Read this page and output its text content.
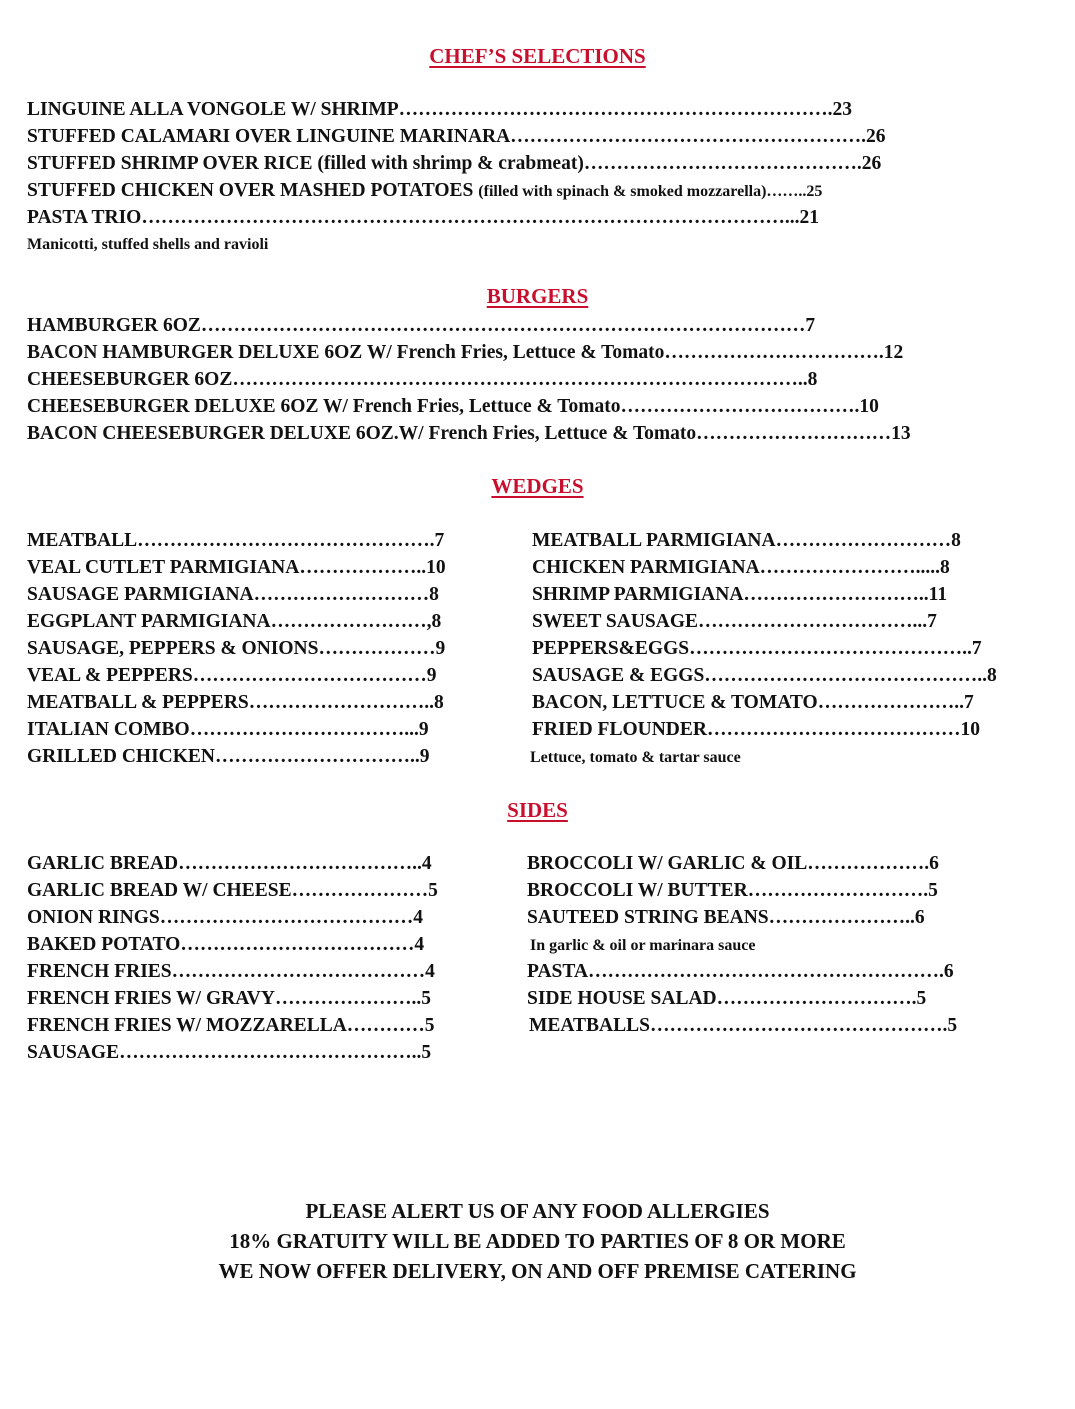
CHEF’S SELECTIONS

LINGUINE ALLA VONGOLE W/ SHRIMP………………………………………………………….23

STUFFED CALAMARI OVER LINGUINE MARINARA……………………………………………….26

STUFFED SHRIMP OVER RICE (filled with shrimp & crabmeat)…………………………………….26

STUFFED CHICKEN OVER MASHED POTATOES (filled with spinach & smoked mozzarella)……..25

PASTA TRIO………………………………………………………………………………………...21

Manicotti, stuffed shells and ravioli

BURGERS

HAMBURGER 6OZ…………………………………………………………………………………7

BACON HAMBURGER DELUXE 6OZ W/ French Fries, Lettuce & Tomato…………………………….12

CHEESEBURGER 6OZ……………………………………………………………………………..8

CHEESEBURGER DELUXE 6OZ W/ French Fries, Lettuce & Tomato……………………………….10

BACON CHEESEBURGER DELUXE 6OZ.W/ French Fries, Lettuce & Tomato…………………………13

WEDGES

MEATBALL……………………………………….7

VEAL CUTLET PARMIGIANA………………..10

SAUSAGE PARMIGIANA………………………8

EGGPLANT PARMIGIANA……………………,8

SAUSAGE, PEPPERS & ONIONS………………9

VEAL & PEPPERS………………………………9

MEATBALL & PEPPERS………………………..8

ITALIAN COMBO……………………………...9

GRILLED CHICKEN…………………………..9

MEATBALL PARMIGIANA………………………8

CHICKEN PARMIGIANA…………………….....8

SHRIMP PARMIGIANA………………………..11

SWEET SAUSAGE……………………………...7

PEPPERS&EGGS……………………………………..7

SAUSAGE & EGGS……………………………………..8

BACON, LETTUCE & TOMATO…………………..7

FRIED FLOUNDER…………………………………10

Lettuce, tomato & tartar sauce

SIDES

GARLIC BREAD………………………………..4

GARLIC BREAD W/ CHEESE…………………5

ONION RINGS…………………………………4

BAKED POTATO………………………………4

FRENCH FRIES…………………………………4

FRENCH FRIES W/ GRAVY…………………..5

FRENCH FRIES W/ MOZZARELLA…………5

SAUSAGE………………………………………..5

BROCCOLI W/ GARLIC & OIL……………….6

BROCCOLI W/ BUTTER……………………….5

SAUTEED STRING BEANS…………………..6

In garlic & oil or marinara sauce

PASTA……………………………………………….6

SIDE HOUSE SALAD………………………….5

MEATBALLS……………………………………….5

PLEASE ALERT US OF ANY FOOD ALLERGIES

18% GRATUITY WILL BE ADDED TO PARTIES OF 8 OR MORE

WE NOW OFFER DELIVERY, ON AND OFF PREMISE CATERING
